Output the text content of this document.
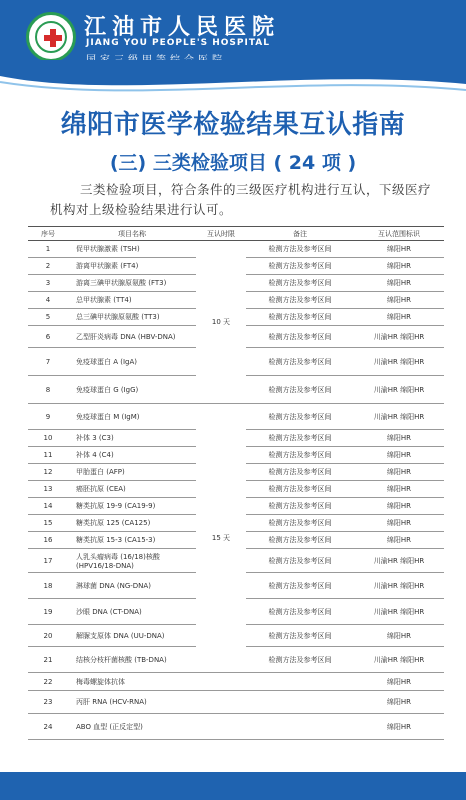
江油市人民医院
JIANG YOU PEOPLE'S HOSPITAL
绵阳市医学检验结果互认指南
(三) 三类检验项目 ( 24 项 )
三类检验项目，符合条件的三级医疗机构进行互认，下级医疗机构对上级检验结果进行认可。
序号	项目名称	互认时限	备注	互认范围标识
1	促甲状腺激素 (TSH)	10 天	检测方法及参考区间	绵阳HR
2	游离甲状腺素 (FT4)		检测方法及参考区间	绵阳HR
3	游离三碘甲状腺原氨酸 (FT3)		检测方法及参考区间	绵阳HR
4	总甲状腺素 (TT4)		检测方法及参考区间	绵阳HR
5	总三碘甲状腺原氨酸 (TT3)		检测方法及参考区间	绵阳HR
6	乙型肝炎病毒 DNA (HBV-DNA)		检测方法及参考区间	川渝HR 绵阳HR
7	免疫球蛋白 A (IgA)		检测方法及参考区间	川渝HR 绵阳HR
8	免疫球蛋白 G (IgG)		检测方法及参考区间	川渝HR 绵阳HR
9	免疫球蛋白 M (IgM)	15 天	检测方法及参考区间	川渝HR 绵阳HR
10	补体 3 (C3)		检测方法及参考区间	绵阳HR
11	补体 4 (C4)		检测方法及参考区间	绵阳HR
12	甲胎蛋白 (AFP)		检测方法及参考区间	绵阳HR
13	癌胚抗原 (CEA)		检测方法及参考区间	绵阳HR
14	糖类抗原 19-9 (CA19-9)		检测方法及参考区间	绵阳HR
15	糖类抗原 125 (CA125)		检测方法及参考区间	绵阳HR
16	糖类抗原 15-3 (CA15-3)		检测方法及参考区间	绵阳HR
17	人乳头瘤病毒 (16/18)核酸 (HPV16/18-DNA)		检测方法及参考区间	川渝HR 绵阳HR
18	淋球菌 DNA (NG-DNA)		检测方法及参考区间	川渝HR 绵阳HR
19	沙眼 DNA (CT-DNA)		检测方法及参考区间	川渝HR 绵阳HR
20	解脲支原体 DNA (UU-DNA)		检测方法及参考区间	绵阳HR
21	结核分枝杆菌核酸 (TB-DNA)		检测方法及参考区间	川渝HR 绵阳HR
22	梅毒螺旋体抗体			绵阳HR
23	丙肝 RNA (HCV-RNA)			绵阳HR
24	ABO 血型 (正反定型)			绵阳HR
